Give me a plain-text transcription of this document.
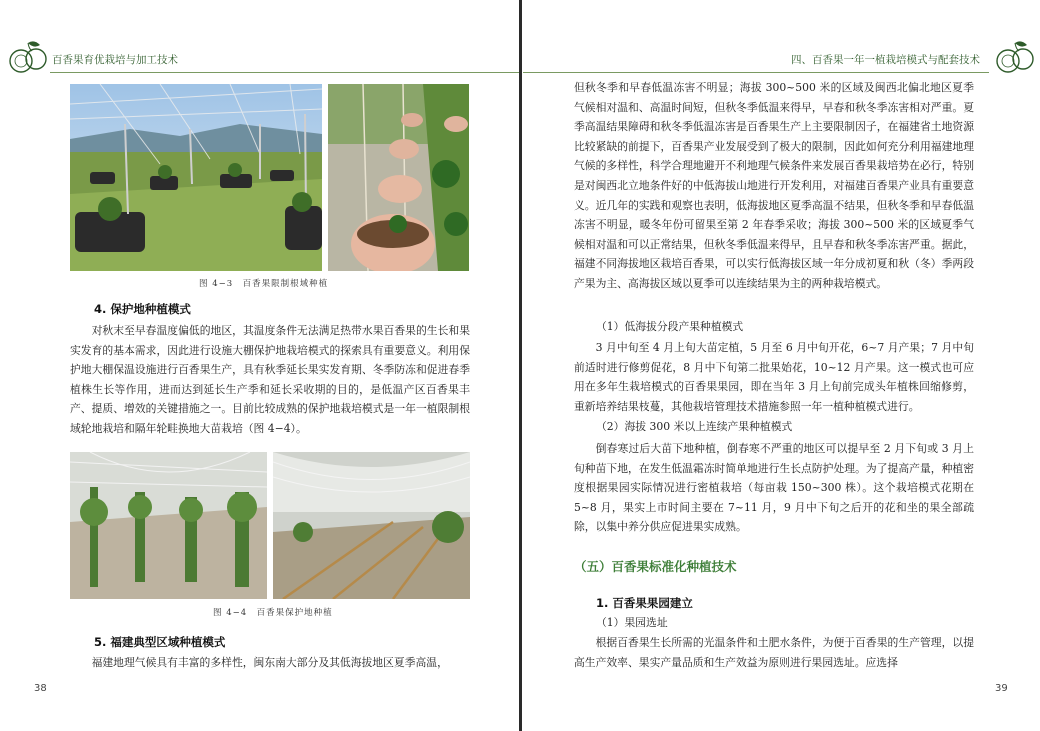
百香果育优栽培与加工技术
图 4−3　百香果限制根域种植
4. 保护地种植模式

对秋末至早春温度偏低的地区，其温度条件无法满足热带水果百香果的生长和果实发育的基本需求，因此进行设施大棚保护地栽培模式的探索具有重要意义。利用保护地大棚保温设施进行百香果生产，具有秋季延长果实发育期、冬季防冻和促进春季植株生长等作用，进而达到延长生产季和延长采收期的目的，是低温产区百香果丰产、提质、增效的关键措施之一。目前比较成熟的保护地栽培模式是一年一植限制根域轮地栽培和隔年轮畦换地大苗栽培（图 4−4）。

图 4−4　百香果保护地种植
5. 福建典型区域种植模式

福建地理气候具有丰富的多样性，闽东南大部分及其低海拔地区夏季高温，

38
四、百香果一年一植栽培模式与配套技术

但秋冬季和早春低温冻害不明显；海拔 300~500 米的区域及闽西北偏北地区夏季气候相对温和、高温时间短，但秋冬季低温来得早，早春和秋冬季冻害相对严重。夏季高温结果障碍和秋冬季低温冻害是百香果生产上主要限制因子，在福建省土地资源比较紧缺的前提下，百香果产业发展受到了极大的限制，因此如何充分利用福建地理气候的多样性，科学合理地避开不利地理气候条件来发展百香果栽培势在必行，特别是对闽西北立地条件好的中低海拔山地进行开发利用，对福建百香果产业具有重要意义。近几年的实践和观察也表明，低海拔地区夏季高温不结果，但秋冬季和早春低温冻害不明显，暖冬年份可留果至第 2 年春季采收；海拔 300~500 米的区域夏季气候相对温和可以正常结果，但秋冬季低温来得早，且早春和秋冬季冻害严重。据此，福建不同海拔地区栽培百香果，可以实行低海拔区域一年分成初夏和秋（冬）季两段产果为主、高海拔区域以夏季可以连续结果为主的两种栽培模式。

（1）低海拔分段产果种植模式

3 月中旬至 4 月上旬大苗定植，5 月至 6 月中旬开花，6~7 月产果；7 月中旬前适时进行修剪促花，8 月中下旬第二批果始花，10~12 月产果。这一模式也可应用在多年生栽培模式的百香果果园，即在当年 3 月上旬前完成头年植株回缩修剪，重新培养结果枝蔓，其他栽培管理技术措施参照一年一植种植模式进行。

（2）海拔 300 米以上连续产果种植模式

倒春寒过后大苗下地种植，倒春寒不严重的地区可以提早至 2 月下旬或 3 月上旬种苗下地，在发生低温霜冻时简单地进行生长点防护处理。为了提高产量，种植密度根据果园实际情况进行密植栽培（每亩栽 150~300 株）。这个栽培模式花期在 5~8 月，果实上市时间主要在 7~11 月，9 月中下旬之后开的花和坐的果全部疏除，以集中养分供应促进果实成熟。

（五）百香果标准化种植技术
1. 百香果果园建立
（1）果园选址

根据百香果生长所需的光温条件和土肥水条件，为便于百香果的生产管理，以提高生产效率、果实产量品质和生产效益为原则进行果园选址。应选择

39
